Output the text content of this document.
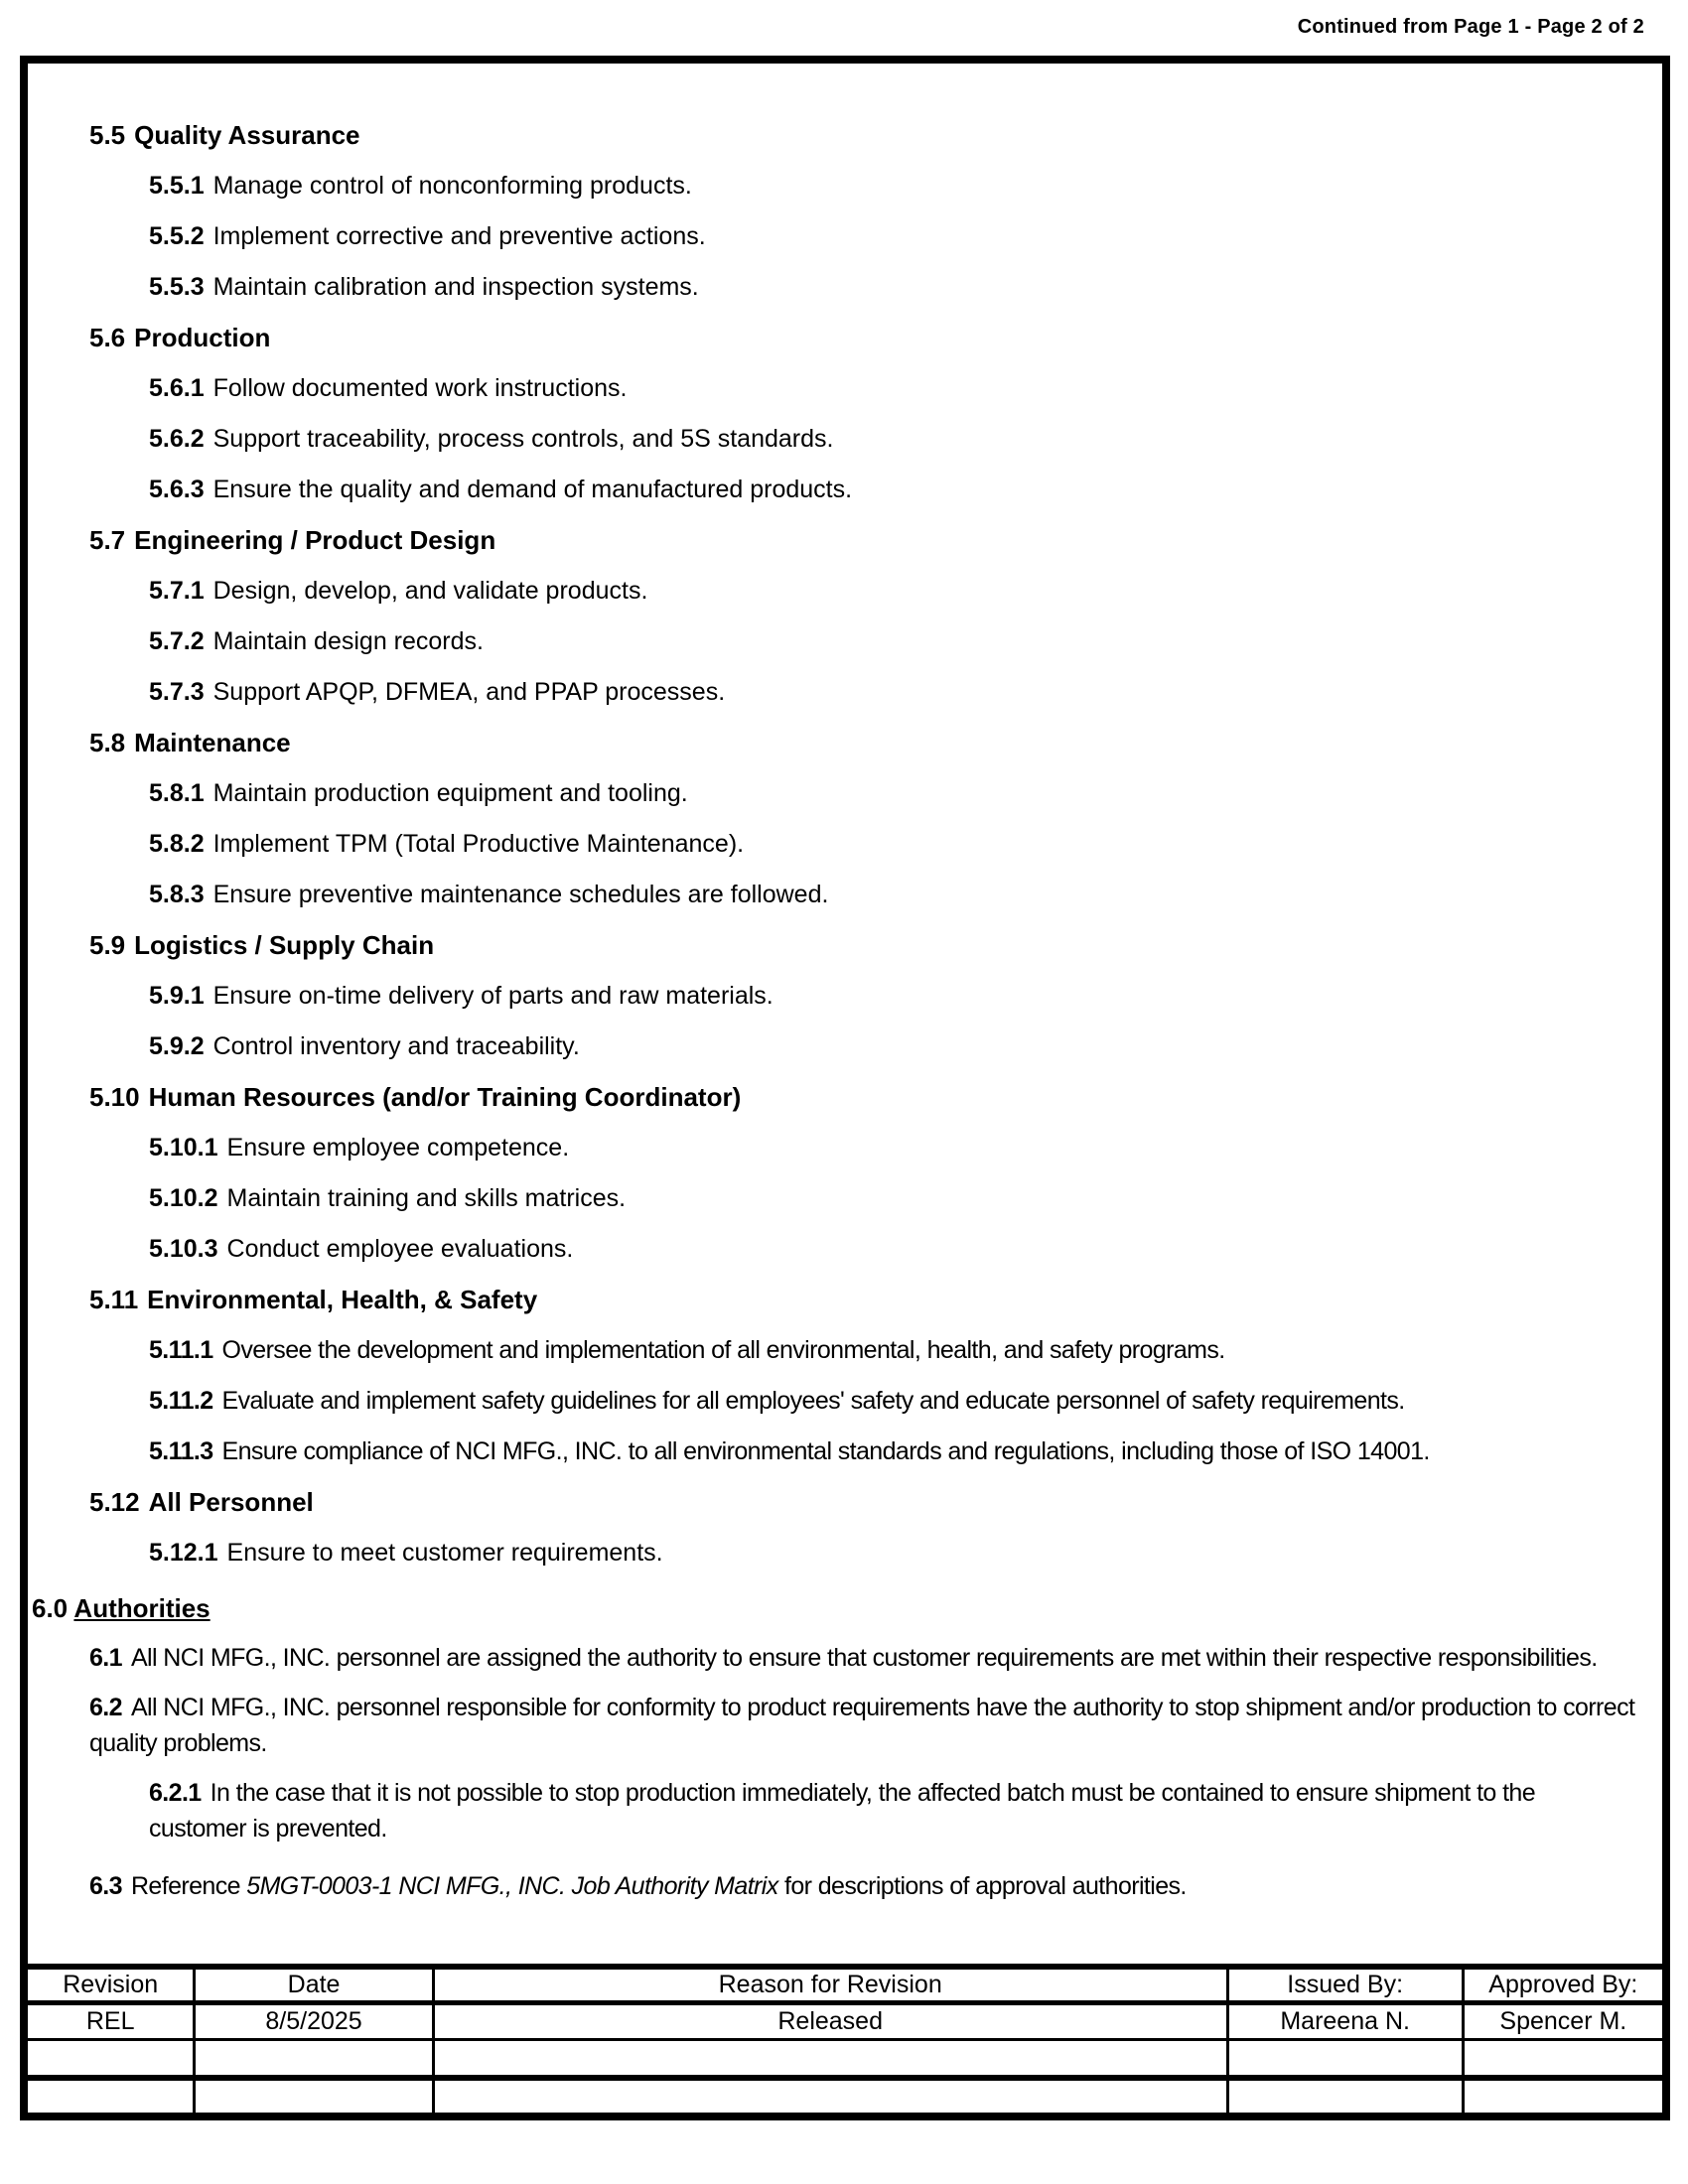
Continued from Page 1 - Page 2 of 2

5.5 Quality Assurance

5.5.1 Manage control of nonconforming products.

5.5.2 Implement corrective and preventive actions.

5.5.3 Maintain calibration and inspection systems.

5.6 Production

5.6.1 Follow documented work instructions.

5.6.2 Support traceability, process controls, and 5S standards.

5.6.3 Ensure the quality and demand of manufactured products.

5.7 Engineering / Product Design

5.7.1 Design, develop, and validate products.

5.7.2 Maintain design records.

5.7.3 Support APQP, DFMEA, and PPAP processes.

5.8 Maintenance

5.8.1 Maintain production equipment and tooling.

5.8.2 Implement TPM (Total Productive Maintenance).

5.8.3 Ensure preventive maintenance schedules are followed.

5.9 Logistics / Supply Chain

5.9.1 Ensure on-time delivery of parts and raw materials.

5.9.2 Control inventory and traceability.

5.10 Human Resources (and/or Training Coordinator)

5.10.1 Ensure employee competence.

5.10.2 Maintain training and skills matrices.

5.10.3 Conduct employee evaluations.

5.11 Environmental, Health, & Safety

5.11.1 Oversee the development and implementation of all environmental, health, and safety programs.

5.11.2 Evaluate and implement safety guidelines for all employees' safety and educate personnel of safety requirements.

5.11.3 Ensure compliance of NCI MFG., INC. to all environmental standards and regulations, including those of ISO 14001.

5.12 All Personnel

5.12.1 Ensure to meet customer requirements.

6.0 Authorities

6.1 All NCI MFG., INC. personnel are assigned the authority to ensure that customer requirements are met within their respective responsibilities.

6.2 All NCI MFG., INC. personnel responsible for conformity to product requirements have the authority to stop shipment and/or production to correct quality problems.

6.2.1 In the case that it is not possible to stop production immediately, the affected batch must be contained to ensure shipment to the customer is prevented.

6.3 Reference 5MGT-0003-1 NCI MFG., INC. Job Authority Matrix for descriptions of approval authorities.

Revision	Date	Reason for Revision	Issued By:	Approved By:
REL	8/5/2025	Released	Mareena N.	Spencer M.
